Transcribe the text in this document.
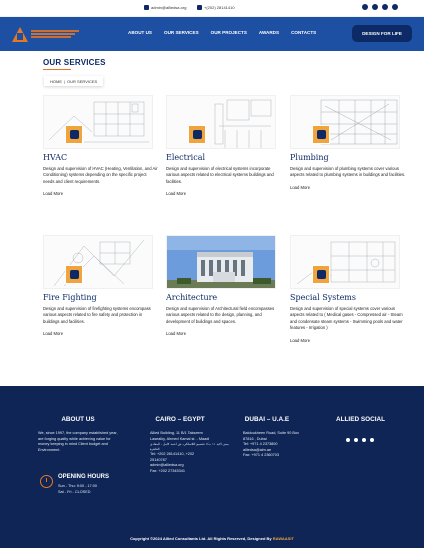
admin@alliedsa.org	+(202) 28141410
ABOUT US	OUR SERVICES	OUR PROJECTS	AWARDS	CONTACTS	DESIGN FOR LIFE
OUR SERVICES
HOME | OUR SERVICES
HVAC
Design and supervision of HVAC (Heating, Ventilation, and Air Conditioning) systems depending on the specific project needs and client requirements.
Load More
Electrical
Design and supervision of electrical systems incorporate various aspects related to electrical systems buildings and facilities.
Load More
Plumbing
Design and supervision of plumbing systems cover various aspects related to plumbing systems in buildings and facilities.
Load More
Fire Fighting
Design and supervision of firefighting systems encompass various aspects related to fire safety and protection in buildings and facilities.
Load More
Architecture
Design and supervision of Architectural field encompasses various aspects related to the design, planning, and development of buildings and spaces.
Load More
Special Systems
Design and supervision of special systems cover various aspects related to ( Medical gases - Compressed air - Steam and condensate steam systems - Swimming pools and water features - Irrigation )
Load More
ABOUT US
We, since 1997, the company established year,
are forging quality while achieving value for
money keeping in mind Client budget and
Environment.
CAIRO – EGYPT
Allied Building, 11 B/1 Takseem
Lasealky, Ahmed Kamal st. - Maadi
مبنى الايد ١١ ب/١ تقسيم اللاسلكي، ش احمد كامل - المعادي
القاهرة
Tel: +202 28141410, +202
25140787
admin@alliedsa.org
Fax: +202 27345341
DUBAI – U.A.E
Baldoukheen Road, Suite 90 Box
87816 , Dubai
Tel: +971 4 2373800
alliedsa@alm.ae
Fax: +971 4 2360703
ALLIED SOCIAL
OPENING HOURS
Sun - Thu: 9:00 - 17:00
Sat - Fri - CLOSED
Copyright ©2024 Allied Consultants Ltd. All Rights Reserved, Designed By RAWAASIT
